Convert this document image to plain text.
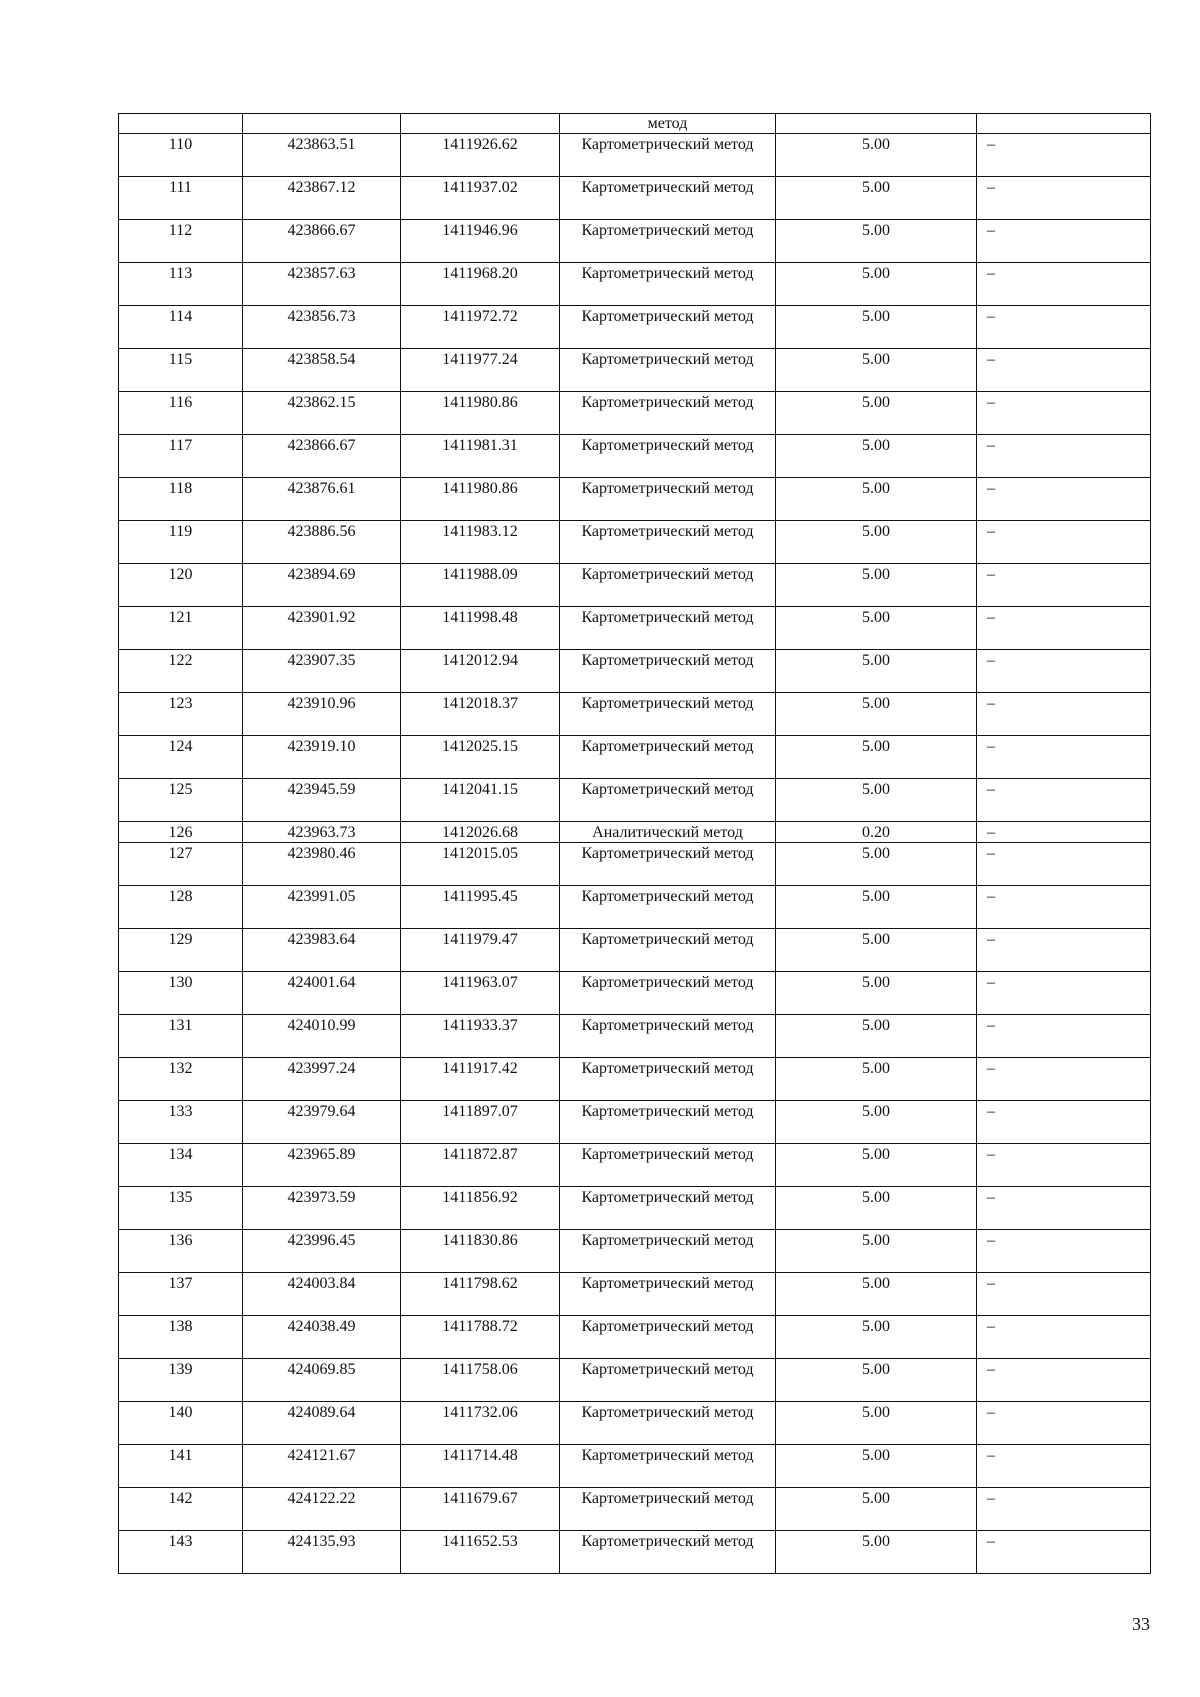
			метод		
110	423863.51	1411926.62	Картометрический метод	5.00	–
111	423867.12	1411937.02	Картометрический метод	5.00	–
112	423866.67	1411946.96	Картометрический метод	5.00	–
113	423857.63	1411968.20	Картометрический метод	5.00	–
114	423856.73	1411972.72	Картометрический метод	5.00	–
115	423858.54	1411977.24	Картометрический метод	5.00	–
116	423862.15	1411980.86	Картометрический метод	5.00	–
117	423866.67	1411981.31	Картометрический метод	5.00	–
118	423876.61	1411980.86	Картометрический метод	5.00	–
119	423886.56	1411983.12	Картометрический метод	5.00	–
120	423894.69	1411988.09	Картометрический метод	5.00	–
121	423901.92	1411998.48	Картометрический метод	5.00	–
122	423907.35	1412012.94	Картометрический метод	5.00	–
123	423910.96	1412018.37	Картометрический метод	5.00	–
124	423919.10	1412025.15	Картометрический метод	5.00	–
125	423945.59	1412041.15	Картометрический метод	5.00	–
126	423963.73	1412026.68	Аналитический метод	0.20	–
127	423980.46	1412015.05	Картометрический метод	5.00	–
128	423991.05	1411995.45	Картометрический метод	5.00	–
129	423983.64	1411979.47	Картометрический метод	5.00	–
130	424001.64	1411963.07	Картометрический метод	5.00	–
131	424010.99	1411933.37	Картометрический метод	5.00	–
132	423997.24	1411917.42	Картометрический метод	5.00	–
133	423979.64	1411897.07	Картометрический метод	5.00	–
134	423965.89	1411872.87	Картометрический метод	5.00	–
135	423973.59	1411856.92	Картометрический метод	5.00	–
136	423996.45	1411830.86	Картометрический метод	5.00	–
137	424003.84	1411798.62	Картометрический метод	5.00	–
138	424038.49	1411788.72	Картометрический метод	5.00	–
139	424069.85	1411758.06	Картометрический метод	5.00	–
140	424089.64	1411732.06	Картометрический метод	5.00	–
141	424121.67	1411714.48	Картометрический метод	5.00	–
142	424122.22	1411679.67	Картометрический метод	5.00	–
143	424135.93	1411652.53	Картометрический метод	5.00	–
33
